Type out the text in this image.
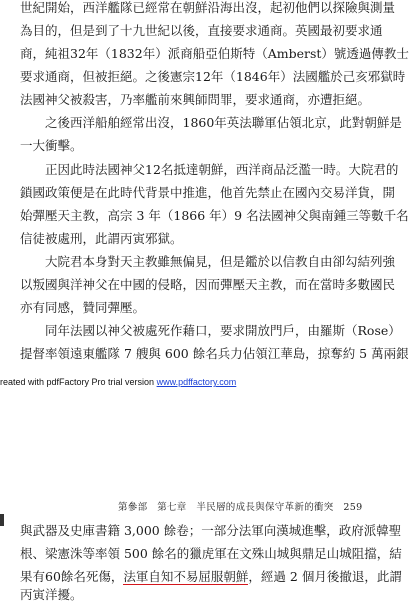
世紀開始，西洋艦隊已經常在朝鮮沿海出沒，起初他們以探險與測量
為目的，但是到了十九世紀以後，直接要求通商。英國最初要求通
商，純祖32年（1832年）派商船亞伯斯特（Amberst）號透過傳教士
要求通商，但被拒絕。之後憲宗12年（1846年）法國艦於己亥邪獄時
法國神父被殺害，乃率艦前來興師問罪，要求通商，亦遭拒絕。
之後西洋船舶經常出沒，1860年英法聯軍佔領北京，此對朝鮮是
一大衝擊。
正因此時法國神父12名抵達朝鮮，西洋商品泛濫一時。大院君的
鎖國政策便是在此時代背景中推進，他首先禁止在國內交易洋貨，開
始彈壓天主教，高宗 3 年（1866 年）9 名法國神父與南鍾三等數千名
信徒被處刑，此謂丙寅邪獄。
大院君本身對天主教雖無偏見，但是鑑於以信教自由卻勾結列強
以叛國與洋神父在中國的侵略，因而彈壓天主教，而在當時多數國民
亦有同感，贊同彈壓。
同年法國以神父被處死作藉口，要求開放門戶，由羅斯（Rose）
提督率領遠東艦隊 7 艘與 600 餘名兵力佔領江華島，掠奪約 5 萬兩銀
reated with pdfFactory Pro trial version www.pdffactory.com
第參部　第七章　半民層的成長與保守革新的衝突　259
與武器及史庫書籍 3,000 餘卷；一部分法軍向漢城進擊，政府派韓聖
根、梁憲洙等率領 500 餘名的獵虎軍在文殊山城與鼎足山城阻擋，結
果有60餘名死傷，法軍自知不易屈服朝鮮，經過 2 個月後撤退，此謂
丙寅洋擾。
